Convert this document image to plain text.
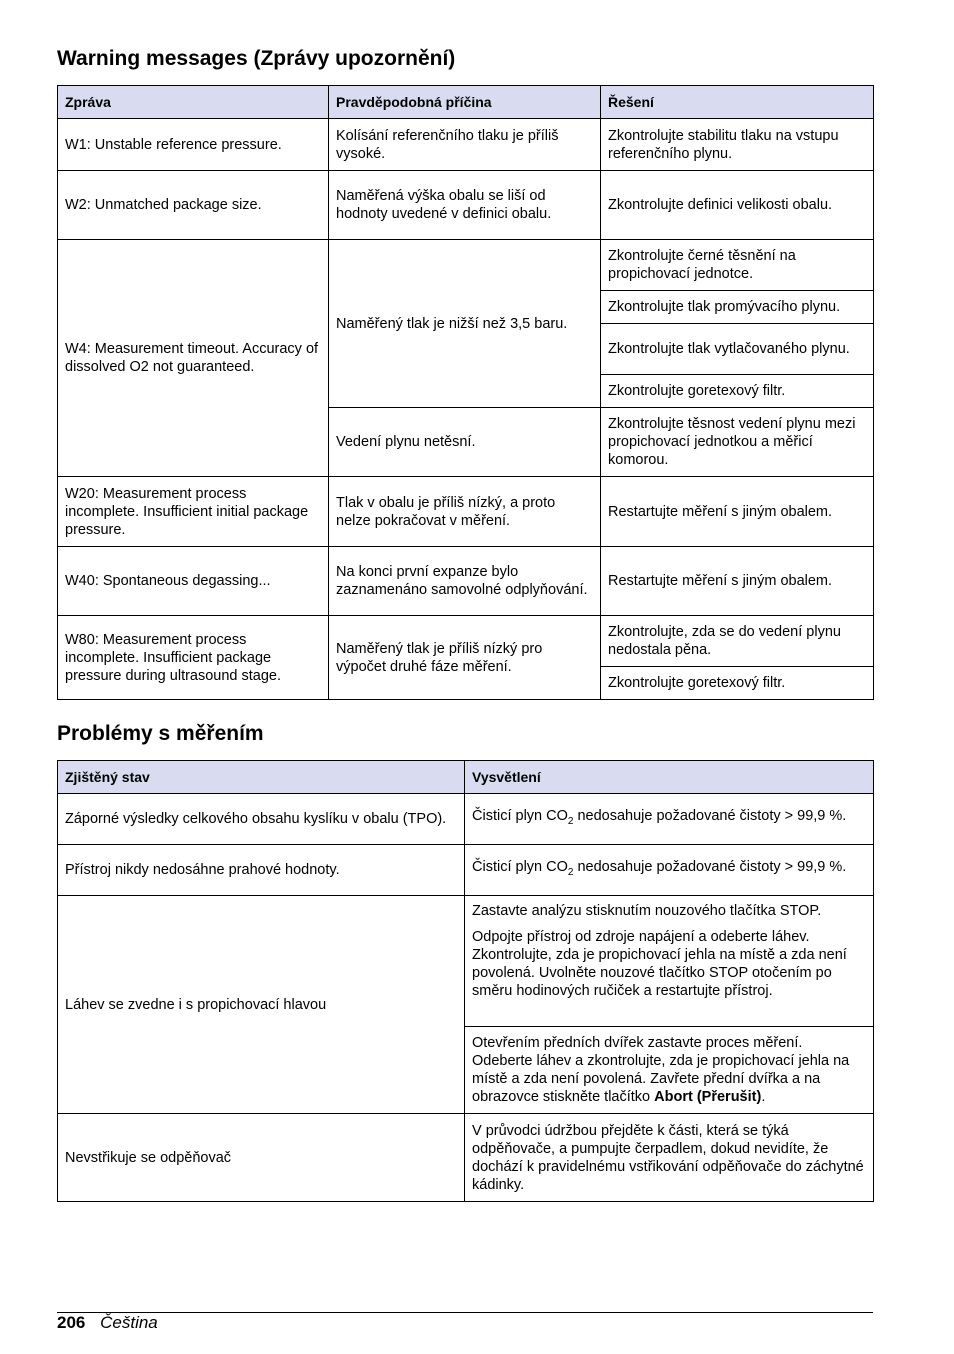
Warning messages (Zprávy upozornění)
Zpráva	Pravděpodobná příčina	Řešení
W1: Unstable reference pressure.	Kolísání referenčního tlaku je příliš vysoké.	Zkontrolujte stabilitu tlaku na vstupu referenčního plynu.
W2: Unmatched package size.	Naměřená výška obalu se liší od hodnoty uvedené v definici obalu.	Zkontrolujte definici velikosti obalu.
W4: Measurement timeout. Accuracy of dissolved O2 not guaranteed.	Naměřený tlak je nižší než 3,5 baru.	Zkontrolujte černé těsnění na propichovací jednotce.
		Zkontrolujte tlak promývacího plynu.
		Zkontrolujte tlak vytlačovaného plynu.
		Zkontrolujte goretexový filtr.
	Vedení plynu netěsní.	Zkontrolujte těsnost vedení plynu mezi propichovací jednotkou a měřicí komorou.
W20: Measurement process incomplete. Insufficient initial package pressure.	Tlak v obalu je příliš nízký, a proto nelze pokračovat v měření.	Restartujte měření s jiným obalem.
W40: Spontaneous degassing...	Na konci první expanze bylo zaznamenáno samovolné odplyňování.	Restartujte měření s jiným obalem.
W80: Measurement process incomplete. Insufficient package pressure during ultrasound stage.	Naměřený tlak je příliš nízký pro výpočet druhé fáze měření.	Zkontrolujte, zda se do vedení plynu nedostala pěna.
		Zkontrolujte goretexový filtr.
Problémy s měřením
Zjištěný stav	Vysvětlení
Záporné výsledky celkového obsahu kyslíku v obalu (TPO).	Čisticí plyn $CO_2$ nedosahuje požadované čistoty > 99,9 %.
Přístroj nikdy nedosáhne prahové hodnoty.	Čisticí plyn $CO_2$ nedosahuje požadované čistoty > 99,9 %.
Láhev se zvedne i s propichovací hlavou	Zastavte analýzu stisknutím nouzového tlačítka STOP.

Odpojte přístroj od zdroje napájení a odeberte láhev. Zkontrolujte, zda je propichovací jehla na místě a zda není povolená. Uvolněte nouzové tlačítko STOP otočením po směru hodinových ručiček a restartujte přístroj.

	Otevřením předních dvířek zastavte proces měření. Odeberte láhev a zkontrolujte, zda je propichovací jehla na místě a zda není povolená. Zavřete přední dvířka a na obrazovce stiskněte tlačítko Abort (Přerušit).
Nevstřikuje se odpěňovač	V průvodci údržbou přejděte k části, která se týká odpěňovače, a pumpujte čerpadlem, dokud nevidíte, že dochází k pravidelnému vstřikování odpěňovače do záchytné kádinky.
206 Čeština
